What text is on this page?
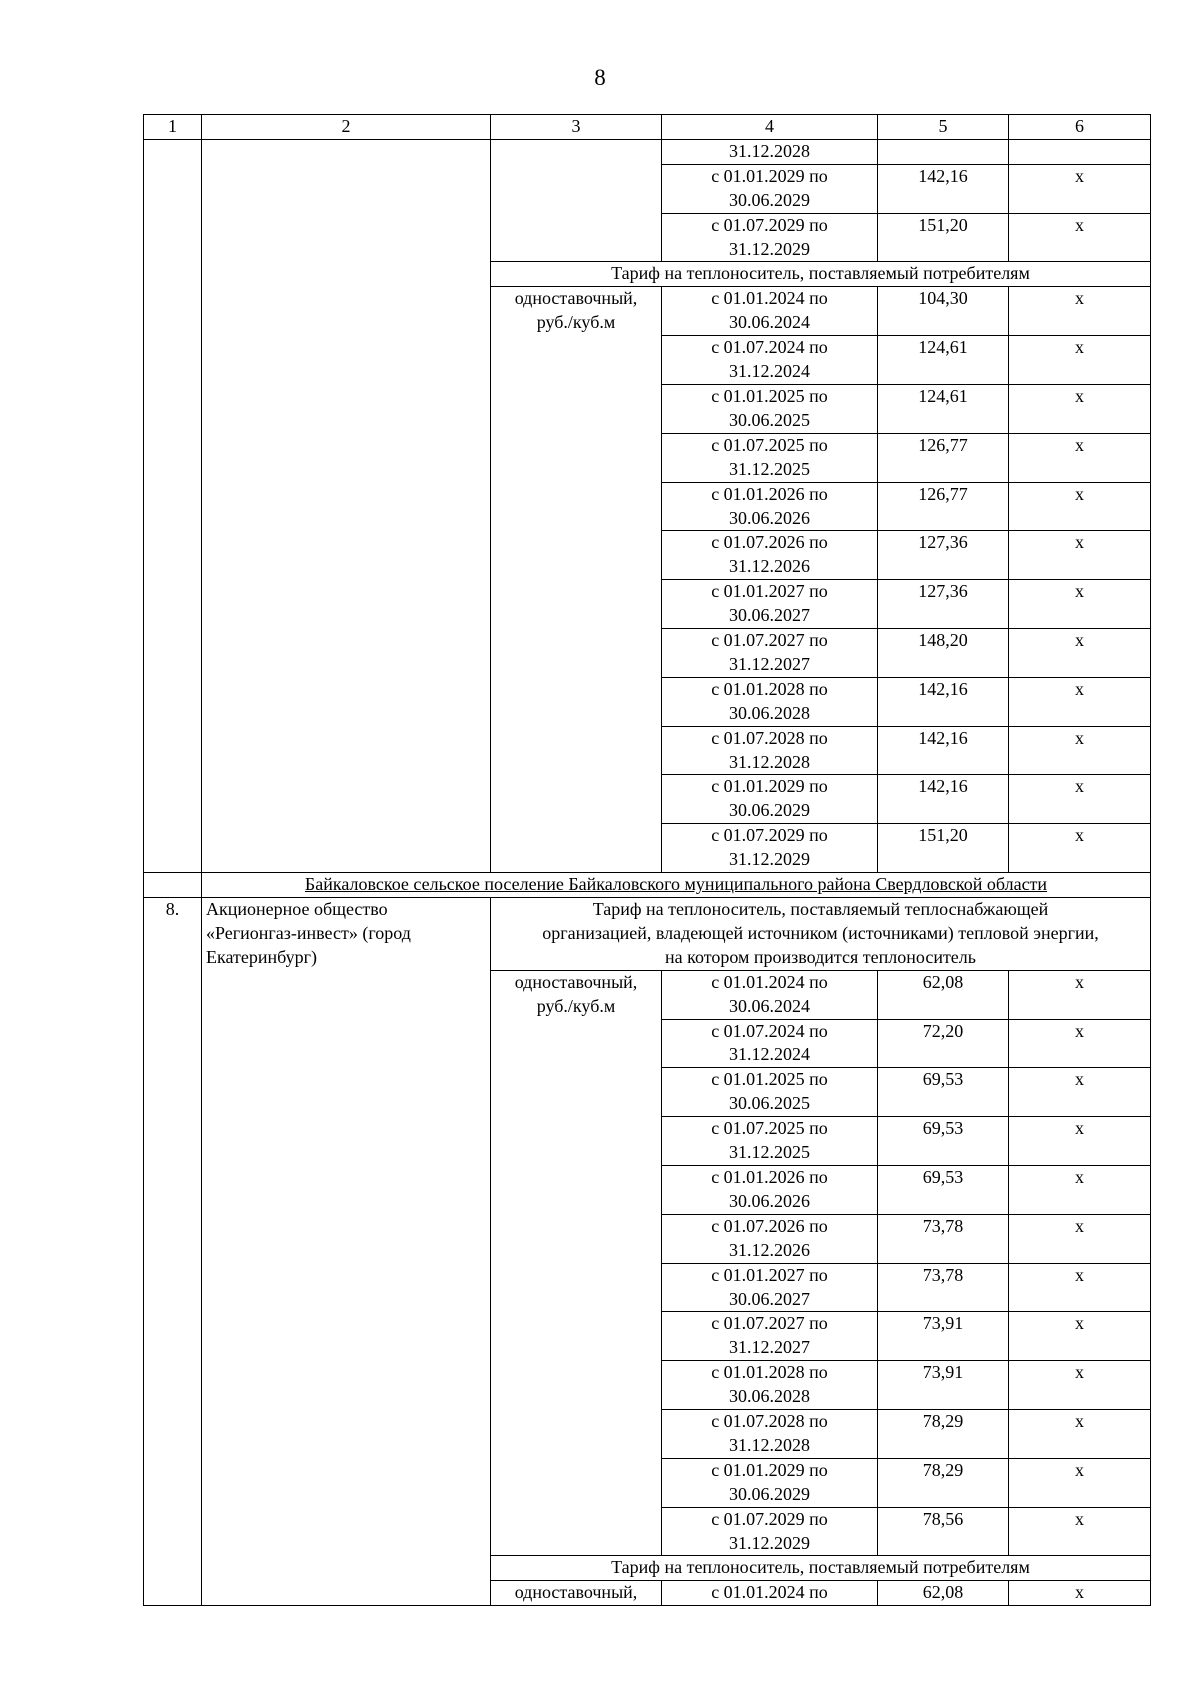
8
1	2	3	4	5	6

			31.12.2028		

			с 01.01.2029 по
30.06.2029	142,16	х

			с 01.07.2029 по
31.12.2029	151,20	х
		Тариф на теплоноситель, поставляемый потребителям			

		одноставочный,
руб./куб.м	с 01.01.2024 по
30.06.2024	104,30	х

			с 01.07.2024 по
31.12.2024	124,61	х

			с 01.01.2025 по
30.06.2025	124,61	х

			с 01.07.2025 по
31.12.2025	126,77	х

			с 01.01.2026 по
30.06.2026	126,77	х

			с 01.07.2026 по
31.12.2026	127,36	х

			с 01.01.2027 по
30.06.2027	127,36	х

			с 01.07.2027 по
31.12.2027	148,20	х

			с 01.01.2028 по
30.06.2028	142,16	х

			с 01.07.2028 по
31.12.2028	142,16	х

			с 01.01.2029 по
30.06.2029	142,16	х

			с 01.07.2029 по
31.12.2029	151,20	х
	Байкаловское сельское поселение Байкаловского муниципального района Свердловской области				
8.	Акционерное общество
«Регионгаз-инвест» (город
Екатеринбург)	Тариф на теплоноситель, поставляемый теплоснабжающей
организацией, владеющей источником (источниками) тепловой энергии,
на котором производится теплоноситель			

		одноставочный,
руб./куб.м	с 01.01.2024 по
30.06.2024	62,08	х

			с 01.07.2024 по
31.12.2024	72,20	х

			с 01.01.2025 по
30.06.2025	69,53	х

			с 01.07.2025 по
31.12.2025	69,53	х

			с 01.01.2026 по
30.06.2026	69,53	х

			с 01.07.2026 по
31.12.2026	73,78	х

			с 01.01.2027 по
30.06.2027	73,78	х

			с 01.07.2027 по
31.12.2027	73,91	х

			с 01.01.2028 по
30.06.2028	73,91	х

			с 01.07.2028 по
31.12.2028	78,29	х

			с 01.01.2029 по
30.06.2029	78,29	х

			с 01.07.2029 по
31.12.2029	78,56	х
		Тариф на теплоноситель, поставляемый потребителям			

		одноставочный,	с 01.01.2024 по	62,08	х
